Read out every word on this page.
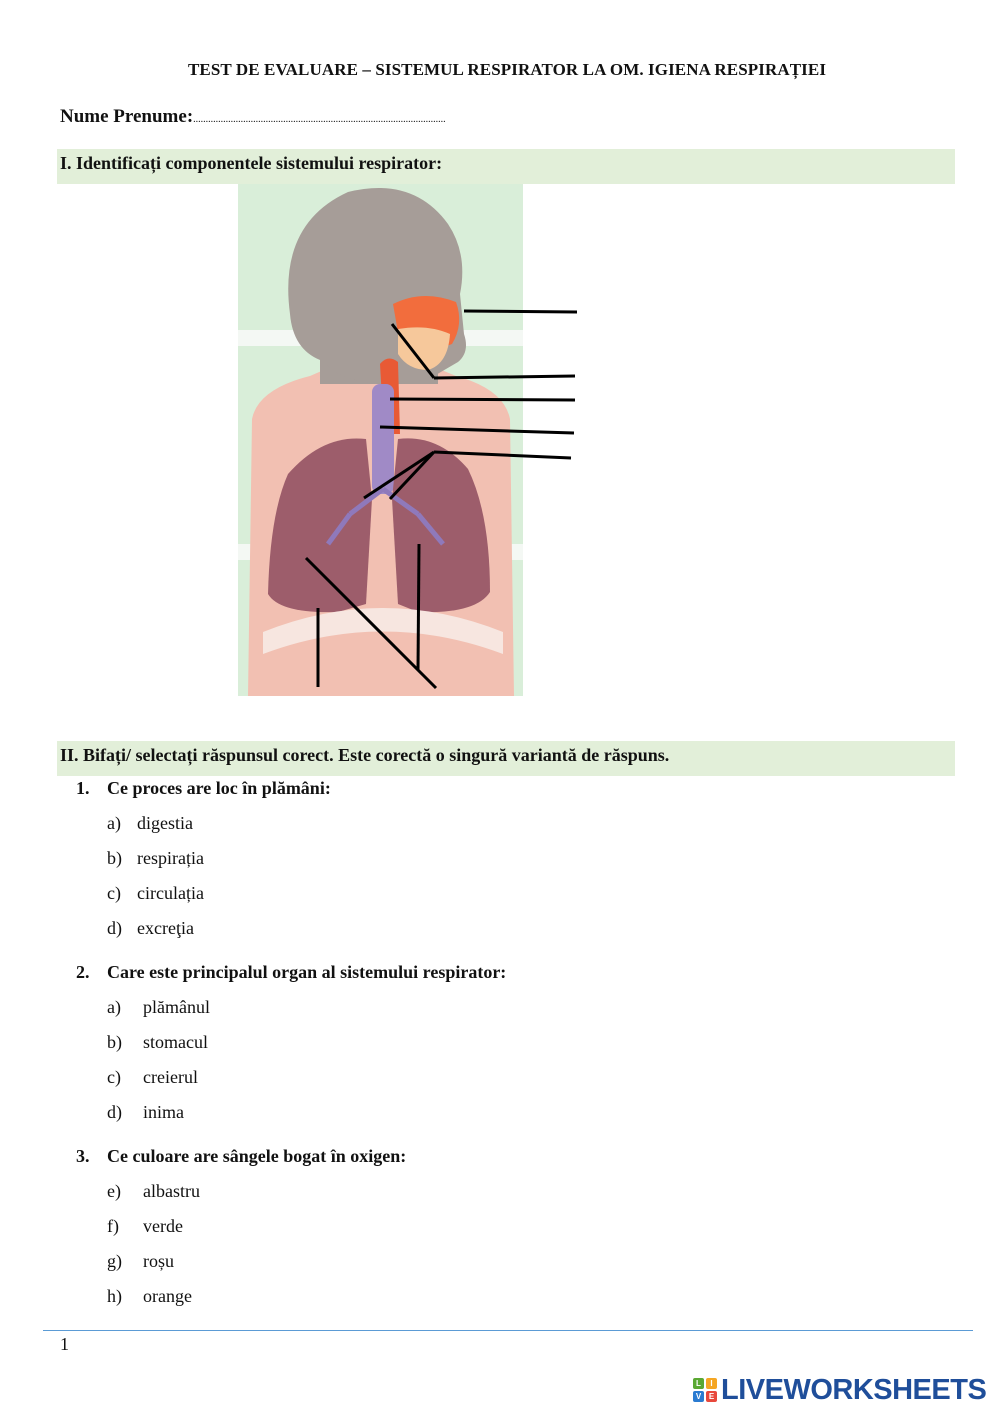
TEST DE EVALUARE – SISTEMUL RESPIRATOR LA OM. IGIENA RESPIRAȚIEI
Nume Prenume:.....................................................................................................
I. Identificați componentele sistemului respirator:
II. Bifați/ selectați răspunsul corect. Este corectă o singură variantă de răspuns.
1. Ce proces are loc în plămâni:
a) digestia
b) respirația
c) circulația
d) excreţia
2. Care este principalul organ al sistemului respirator:
a) plămânul
b) stomacul
c) creierul
d) inima
3. Ce culoare are sângele bogat în oxigen:
e) albastru
f) verde
g) roșu
h) orange
1
L	I
V E LIVEWORKSHEETS
